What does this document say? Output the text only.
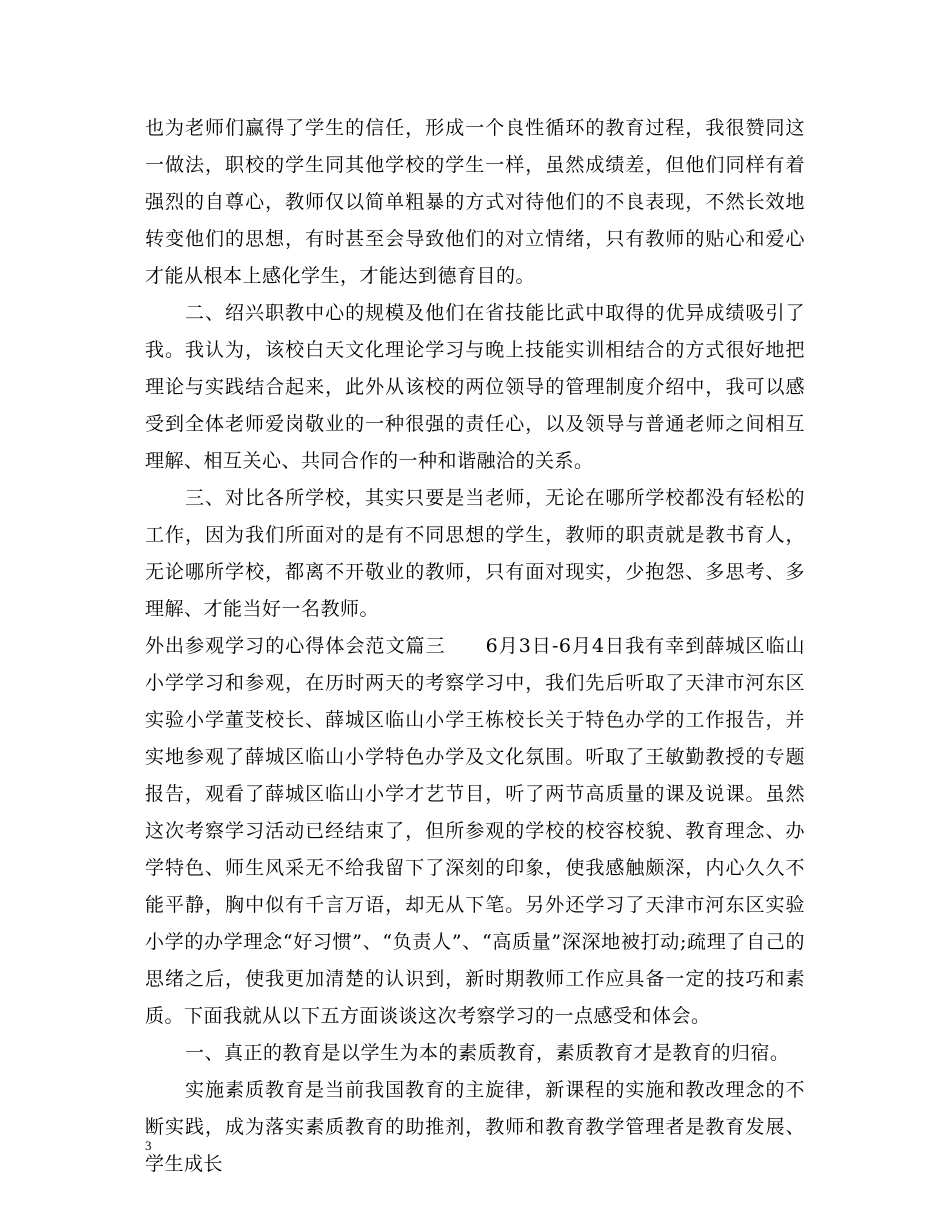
也为老师们赢得了学生的信任，形成一个良性循环的教育过程，我很赞同这一做法，职校的学生同其他学校的学生一样，虽然成绩差，但他们同样有着强烈的自尊心，教师仅以简单粗暴的方式对待他们的不良表现，不然长效地转变他们的思想，有时甚至会导致他们的对立情绪，只有教师的贴心和爱心才能从根本上感化学生，才能达到德育目的。

二、绍兴职教中心的规模及他们在省技能比武中取得的优异成绩吸引了我。我认为，该校白天文化理论学习与晚上技能实训相结合的方式很好地把理论与实践结合起来，此外从该校的两位领导的管理制度介绍中，我可以感受到全体老师爱岗敬业的一种很强的责任心，以及领导与普通老师之间相互理解、相互关心、共同合作的一种和谐融洽的关系。

三、对比各所学校，其实只要是当老师，无论在哪所学校都没有轻松的工作，因为我们所面对的是有不同思想的学生，教师的职责就是教书育人，无论哪所学校，都离不开敬业的教师，只有面对现实，少抱怨、多思考、多理解、才能当好一名教师。

外出参观学习的心得体会范文篇三　　6月3日-6月4日我有幸到薛城区临山小学学习和参观，在历时两天的考察学习中，我们先后听取了天津市河东区实验小学董芠校长、薛城区临山小学王栋校长关于特色办学的工作报告，并实地参观了薛城区临山小学特色办学及文化氛围。听取了王敏勤教授的专题报告，观看了薛城区临山小学才艺节目，听了两节高质量的课及说课。虽然这次考察学习活动已经结束了，但所参观的学校的校容校貌、教育理念、办学特色、师生风采无不给我留下了深刻的印象，使我感触颇深，内心久久不能平静，胸中似有千言万语，却无从下笔。另外还学习了天津市河东区实验小学的办学理念“好习惯”、“负责人”、“高质量”深深地被打动;疏理了自己的思绪之后，使我更加清楚的认识到，新时期教师工作应具备一定的技巧和素质。下面我就从以下五方面谈谈这次考察学习的一点感受和体会。

一、真正的教育是以学生为本的素质教育，素质教育才是教育的归宿。

实施素质教育是当前我国教育的主旋律，新课程的实施和教改理念的不断实践，成为落实素质教育的助推剂，教师和教育教学管理者是教育发展、学生成长

3
